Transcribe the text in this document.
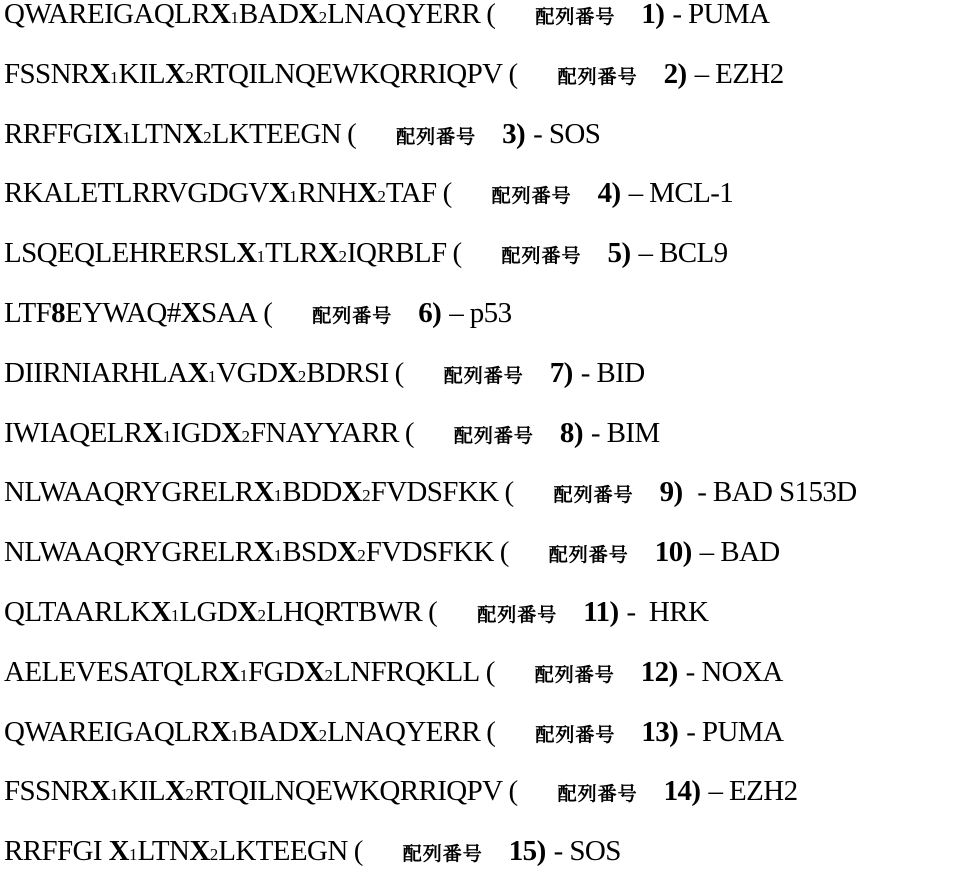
QWAREIGAQLR X 1 BAD X 2 LNAQYERR ( 配列番号 1) - PUMA
FSSNR X 1 KIL X 2 RTQILNQEWKQRRIQPV ( 配列番号 2) – EZH2
RRFFGI X 1 LTN X 2 LKTEEGN ( 配列番号 3) - SOS
RKALETLRRVGDGV X 1 RNH X 2 TAF ( 配列番号 4) – MCL-1
LSQEQLEHRERSL X 1 TLR X 2 IQRBLF ( 配列番号 5) – BCL9
LTF 8 EYWAQ# X SAA ( 配列番号 6) – p53
DIIRNIARHLA X 1 VGD X 2 BDRSI ( 配列番号 7) - BID
IWIAQELR X 1 IGD X 2 FNAYYARR ( 配列番号 8) - BIM
NLWAAQRYGRELR X 1 BDD X 2 FVDSFKK ( 配列番号 9) - BAD S153D
NLWAAQRYGRELR X 1 BSD X 2 FVDSFKK ( 配列番号 10) – BAD
QLTAARLK X 1 LGD X 2 LHQRTBWR ( 配列番号 11) -  HRK
AELEVESATQLR X 1 FGD X 2 LNFRQKLL ( 配列番号 12) - NOXA
QWAREIGAQLR X 1 BAD X 2 LNAQYERR ( 配列番号 13) - PUMA
FSSNR X 1 KIL X 2 RTQILNQEWKQRRIQPV ( 配列番号 14) – EZH2
RRFFGI X 1 LTN X 2 LKTEEGN ( 配列番号 15) - SOS
